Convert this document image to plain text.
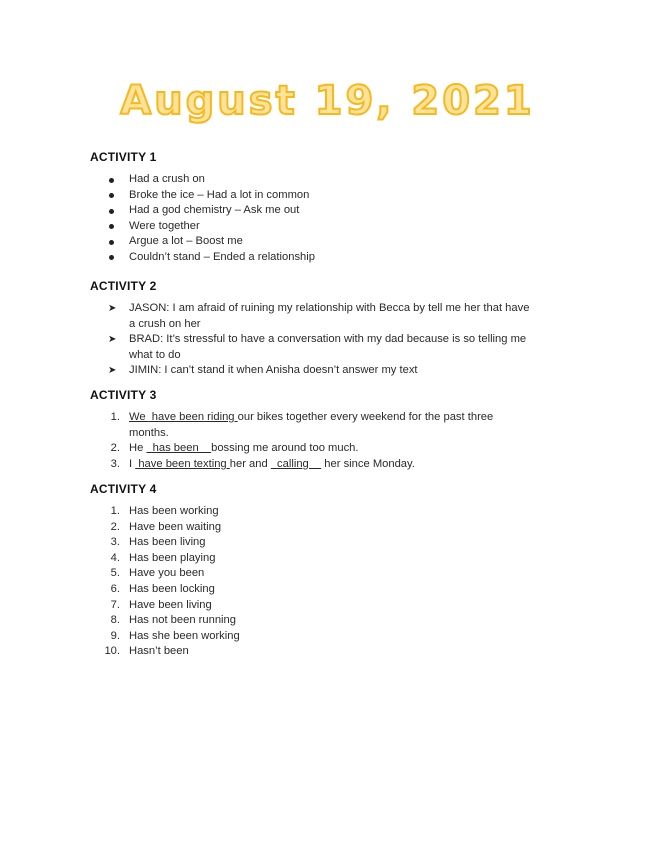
August 19, 2021
ACTIVITY 1
Had a crush on
Broke the ice – Had a lot in common
Had a god chemistry – Ask me out
Were together
Argue a lot – Boost me
Couldn’t stand – Ended a relationship
ACTIVITY 2
➤ JASON: I am afraid of ruining my relationship with Becca by tell me her that have
a crush on her
➤ BRAD: It’s stressful to have a conversation with my dad because is so telling me
what to do
➤ JIMIN: I can’t stand it when Anisha doesn’t answer my text
ACTIVITY 3
1. We  have been riding our bikes together every weekend for the past three
months.
2. He   has been    bossing me around too much.
3. I  have been texting her and   calling     her since Monday.
ACTIVITY 4
1. Has been working
2. Have been waiting
3. Has been living
4. Has been playing
5. Have you been
6. Has been locking
7. Have been living
8. Has not been running
9. Has she been working
10. Hasn’t been
